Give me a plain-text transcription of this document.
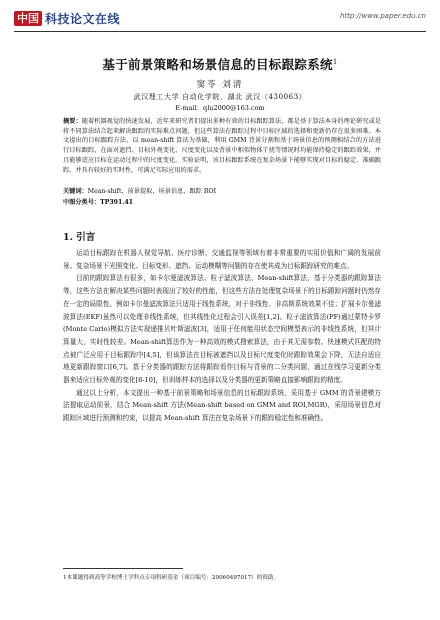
中国 科技论文在线	http://www.paper.edu.cn
基于前景策略和场景信息的目标跟踪系统$^1$
窦苓 刘清
武汉理工大学 自动化学院，湖北 武汉（430063）
E-mail：qlu2000@163.com
摘要：随着机器视觉的快速发展，近年来研究者们提出多种有效的目标跟踪算法，都是基于算法本身的理论研究或是将不同算法结合起来解决跟踪的实际难点问题，但这些算法在跟踪过程中目标区域的选择和更新仍存在很多困难。本文提出的目标跟踪方法，以 mean-shift 算法为基础，利用 GMM 背景分割和基于场景信息的预测相结合的方法进行目标跟踪，在面对遮挡、目标外观变化、尺度变化以及背景中相似物体干扰等情况时均能保持稳定的跟踪效果，并且能够适应目标在运动过程中的尺度变化。实验证明，该目标跟踪系统在复杂场景下能够实现对目标的稳定、准确跟踪，并具有较好的实时性，可满足实际应用的需求。
关键词：Mean-shift，前景提取，场景信息，跟踪 ROI
中图分类号：TP391.41
1. 引言

运动目标跟踪在机器人视觉导航、医疗诊断、交通监视等领域有着非常重要的实用价值和广阔的发展前景。复杂场景下光照变化、目标变形、遮挡、运动模糊等问题的存在使其成为目标跟踪研究的难点。

目前的跟踪算法有很多，如卡尔曼滤波算法、粒子滤波算法、Mean-shift算法，基于分类器的跟踪算法等，这些方法在解决某些问题时表现出了较好的性能，但这些方法在处理复杂场景下的目标跟踪问题时仍然存在一定的局限性。例如卡尔曼滤波算法只适用于线性系统，对于非线性、非高斯系统效果不佳；扩展卡尔曼滤波算法(EKF)虽然可以处理非线性系统，但其线性化过程会引入误差[1,2]。粒子滤波算法(PF)通过蒙特卡罗(Monte Carlo)模拟方法实现递推贝叶斯滤波[3]，适用于任何能用状态空间模型表示的非线性系统，但其计算量大，实时性较差。Mean-shift算法作为一种高效的模式搜索算法，由于其无需参数、快速模式匹配的特点被广泛应用于目标跟踪中[4,5]，但该算法在目标被遮挡以及目标尺度变化时跟踪效果会下降，无法自适应地更新跟踪窗口[6,7]。基于分类器的跟踪方法将跟踪看作目标与背景的二分类问题，通过在线学习更新分类器来适应目标外观的变化[8-10]，但训练样本的选择以及分类器的更新策略直接影响跟踪的精度。

通过以上分析，本文提出一种基于前景策略和场景信息的目标跟踪系统，采用基于 GMM 的背景建模方法提取运动前景，结合 Mean-shift 方法(Mean-shift based on GMM and ROI,MGR)，采用场景信息对跟踪区域进行预测和约束，以提高 Mean-shift 算法在复杂场景下的跟踪稳定性和准确性。

1本课题得到高等学校博士学科点专项科研基金（项目编号：20060497017）的资助。
